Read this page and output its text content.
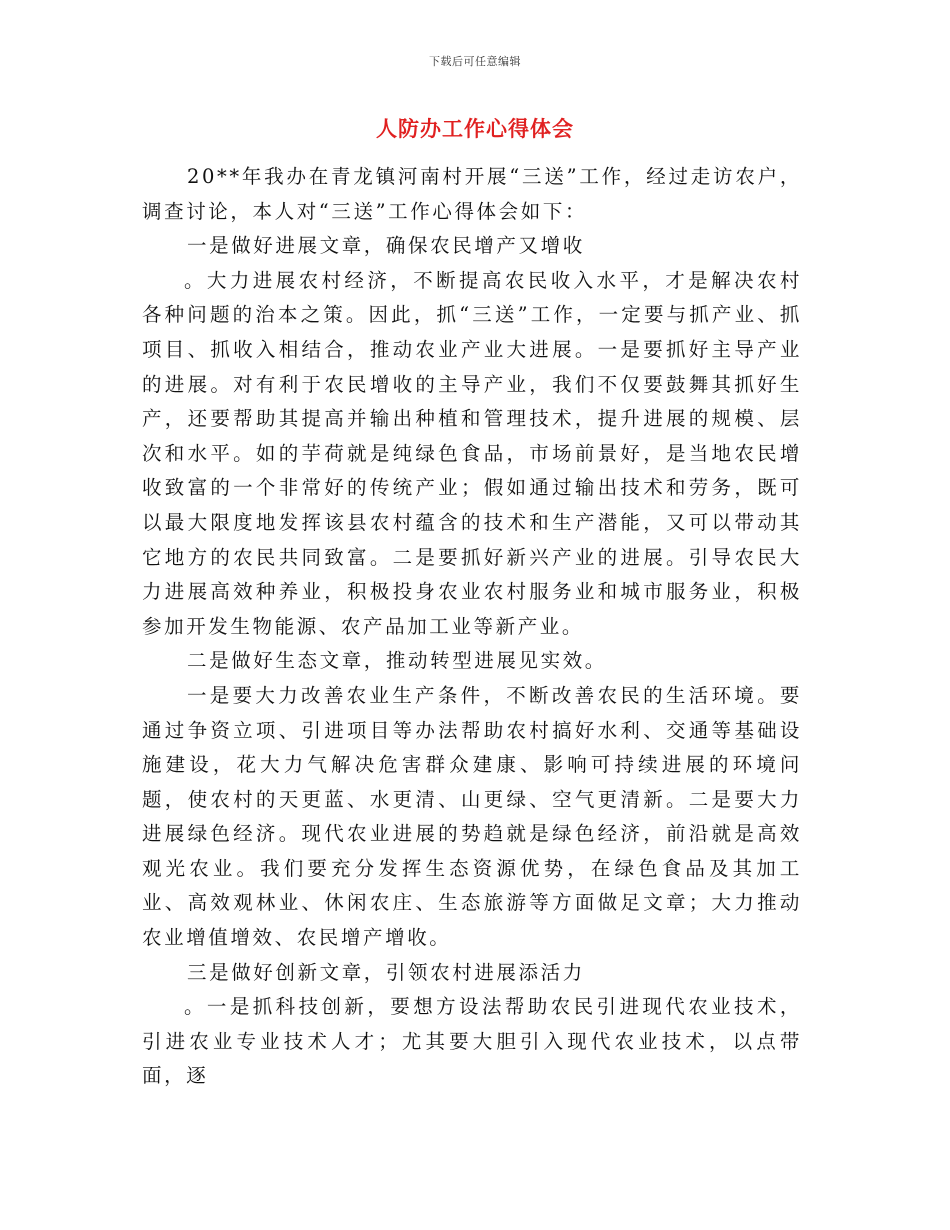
下载后可任意编辑
人防办工作心得体会

20**年我办在青龙镇河南村开展“三送”工作，经过走访农户，调查讨论，本人对“三送”工作心得体会如下：

一是做好进展文章，确保农民增产又增收

。大力进展农村经济，不断提高农民收入水平，才是解决农村各种问题的治本之策。因此，抓“三送”工作，一定要与抓产业、抓项目、抓收入相结合，推动农业产业大进展。一是要抓好主导产业的进展。对有利于农民增收的主导产业，我们不仅要鼓舞其抓好生产，还要帮助其提高并输出种植和管理技术，提升进展的规模、层次和水平。如的芋荷就是纯绿色食品，市场前景好，是当地农民增收致富的一个非常好的传统产业；假如通过输出技术和劳务，既可以最大限度地发挥该县农村蕴含的技术和生产潜能，又可以带动其它地方的农民共同致富。二是要抓好新兴产业的进展。引导农民大力进展高效种养业，积极投身农业农村服务业和城市服务业，积极参加开发生物能源、农产品加工业等新产业。

二是做好生态文章，推动转型进展见实效。

一是要大力改善农业生产条件，不断改善农民的生活环境。要通过争资立项、引进项目等办法帮助农村搞好水利、交通等基础设施建设，花大力气解决危害群众建康、影响可持续进展的环境问题，使农村的天更蓝、水更清、山更绿、空气更清新。二是要大力进展绿色经济。现代农业进展的势趋就是绿色经济，前沿就是高效观光农业。我们要充分发挥生态资源优势，在绿色食品及其加工业、高效观林业、休闲农庄、生态旅游等方面做足文章；大力推动农业增值增效、农民增产增收。

三是做好创新文章，引领农村进展添活力

。一是抓科技创新，要想方设法帮助农民引进现代农业技术，引进农业专业技术人才；尤其要大胆引入现代农业技术，以点带面，逐
